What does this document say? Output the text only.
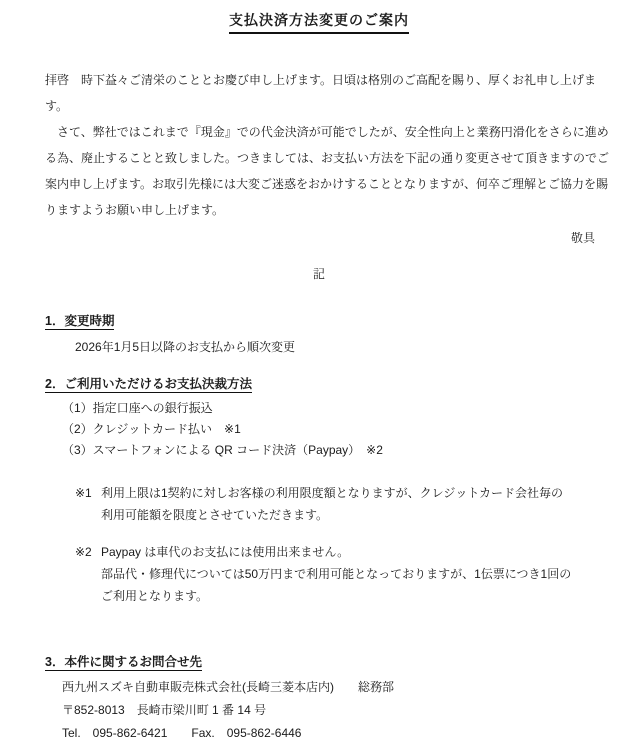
支払決済方法変更のご案内
拝啓　時下益々ご清栄のこととお慶び申し上げます。日頃は格別のご高配を賜り、厚くお礼申し上げます。
　さて、弊社ではこれまで『現金』での代金決済が可能でしたが、安全性向上と業務円滑化をさらに進める為、廃止することと致しました。つきましては、お支払い方法を下記の通り変更させて頂きますのでご案内申し上げます。お取引先様には大変ご迷惑をおかけすることとなりますが、何卒ご理解とご協力を賜りますようお願い申し上げます。
敬具
記
1．変更時期
2026年1月5日以降のお支払から順次変更
2．ご利用いただけるお支払決裁方法
（1）指定口座への銀行振込
（2）クレジットカード払い　※1
（3）スマートフォンによる QR コード決済（Paypay）　※2
※1 利用上限は1契約に対しお客様の利用限度額となりますが、クレジットカード会社毎の
利用可能額を限度とさせていただきます。
※2 Paypay は車代のお支払には使用出来ません。
部品代・修理代については50万円まで利用可能となっておりますが、1伝票につき1回の
ご利用となります。
3．本件に関するお問合せ先
西九州スズキ自動車販売株式会社(長崎三菱本店内)　　総務部
〒852-8013　長崎市梁川町 1 番 14 号
Tel.　095-862-6421　　Fax.　095-862-6446
